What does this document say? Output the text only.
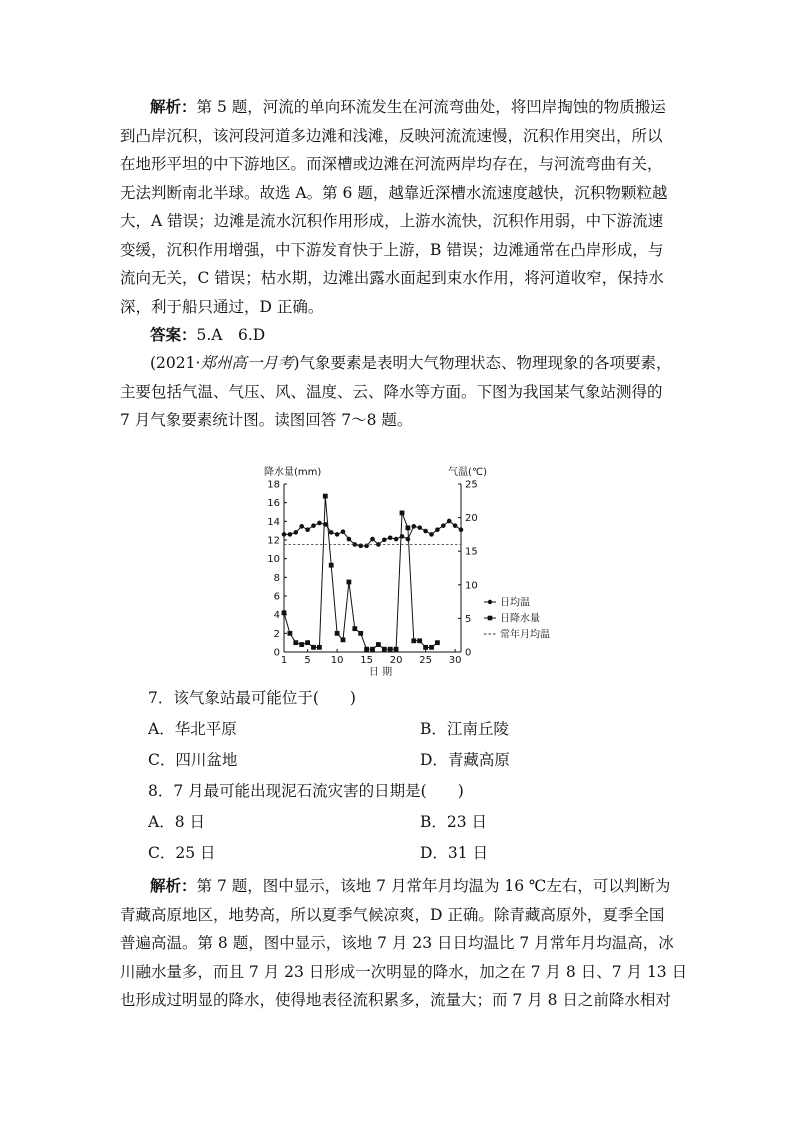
解析：第 5 题，河流的单向环流发生在河流弯曲处，将凹岸掏蚀的物质搬运
到凸岸沉积，该河段河道多边滩和浅滩，反映河流流速慢，沉积作用突出，所以
在地形平坦的中下游地区。而深槽或边滩在河流两岸均存在，与河流弯曲有关，
无法判断南北半球。故选 A。第 6 题，越靠近深槽水流速度越快，沉积物颗粒越
大，A 错误；边滩是流水沉积作用形成，上游水流快，沉积作用弱，中下游流速
变缓，沉积作用增强，中下游发育快于上游，B 错误；边滩通常在凸岸形成，与
流向无关，C 错误；枯水期，边滩出露水面起到束水作用，将河道收窄，保持水
深，利于船只通过，D 正确。
答案：5.A　6.D
(2021·郑州高一月考)气象要素是表明大气物理状态、物理现象的各项要素，
主要包括气温、气压、风、温度、云、降水等方面。下图为我国某气象站测得的
7 月气象要素统计图。读图回答 7～8 题。
0
2
4
6
8
10
12
14
16
18
0
5
10
15
20
25
1 5 10 15 20 25 30
降水量(mm)	气温(℃)
日 期
日均温
日降水量
常年月均温
7．该气象站最可能位于(　　)
A．华北平原	B．江南丘陵
C．四川盆地	D．青藏高原
8．7 月最可能出现泥石流灾害的日期是(　　)
A．8 日	B．23 日
C．25 日	D．31 日
解析：第 7 题，图中显示，该地 7 月常年月均温为 16 ℃左右，可以判断为
青藏高原地区，地势高，所以夏季气候凉爽，D 正确。除青藏高原外，夏季全国
普遍高温。第 8 题，图中显示，该地 7 月 23 日日均温比 7 月常年月均温高，冰
川融水量多，而且 7 月 23 日形成一次明显的降水，加之在 7 月 8 日、7 月 13 日
也形成过明显的降水，使得地表径流积累多，流量大；而 7 月 8 日之前降水相对
